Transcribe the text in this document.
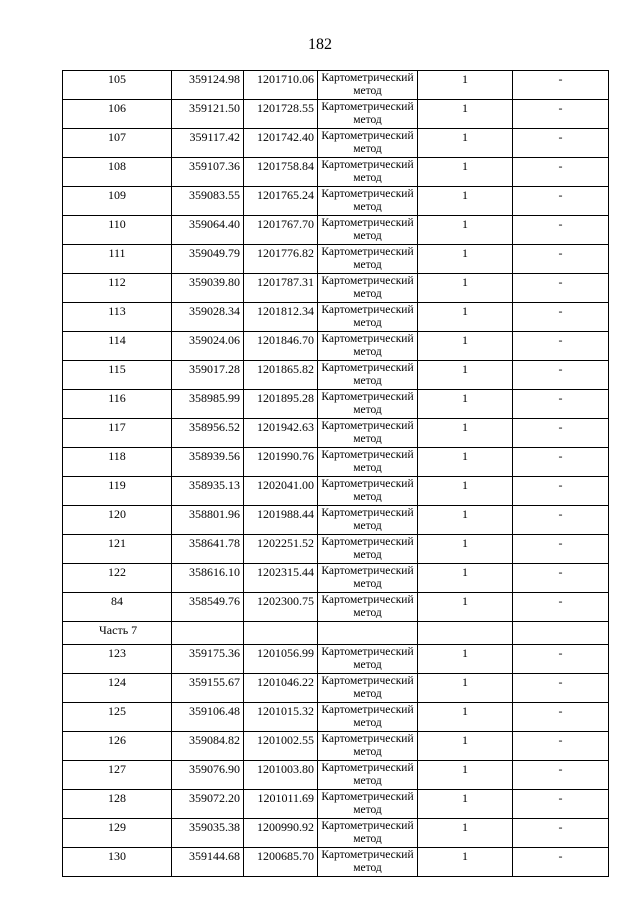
182
105	359124.98	1201710.06	Картометрический метод	1	-
106	359121.50	1201728.55	Картометрический метод	1	-
107	359117.42	1201742.40	Картометрический метод	1	-
108	359107.36	1201758.84	Картометрический метод	1	-
109	359083.55	1201765.24	Картометрический метод	1	-
110	359064.40	1201767.70	Картометрический метод	1	-
111	359049.79	1201776.82	Картометрический метод	1	-
112	359039.80	1201787.31	Картометрический метод	1	-
113	359028.34	1201812.34	Картометрический метод	1	-
114	359024.06	1201846.70	Картометрический метод	1	-
115	359017.28	1201865.82	Картометрический метод	1	-
116	358985.99	1201895.28	Картометрический метод	1	-
117	358956.52	1201942.63	Картометрический метод	1	-
118	358939.56	1201990.76	Картометрический метод	1	-
119	358935.13	1202041.00	Картометрический метод	1	-
120	358801.96	1201988.44	Картометрический метод	1	-
121	358641.78	1202251.52	Картометрический метод	1	-
122	358616.10	1202315.44	Картометрический метод	1	-
84	358549.76	1202300.75	Картометрический метод	1	-
Часть 7					
123	359175.36	1201056.99	Картометрический метод	1	-
124	359155.67	1201046.22	Картометрический метод	1	-
125	359106.48	1201015.32	Картометрический метод	1	-
126	359084.82	1201002.55	Картометрический метод	1	-
127	359076.90	1201003.80	Картометрический метод	1	-
128	359072.20	1201011.69	Картометрический метод	1	-
129	359035.38	1200990.92	Картометрический метод	1	-
130	359144.68	1200685.70	Картометрический метод	1	-
